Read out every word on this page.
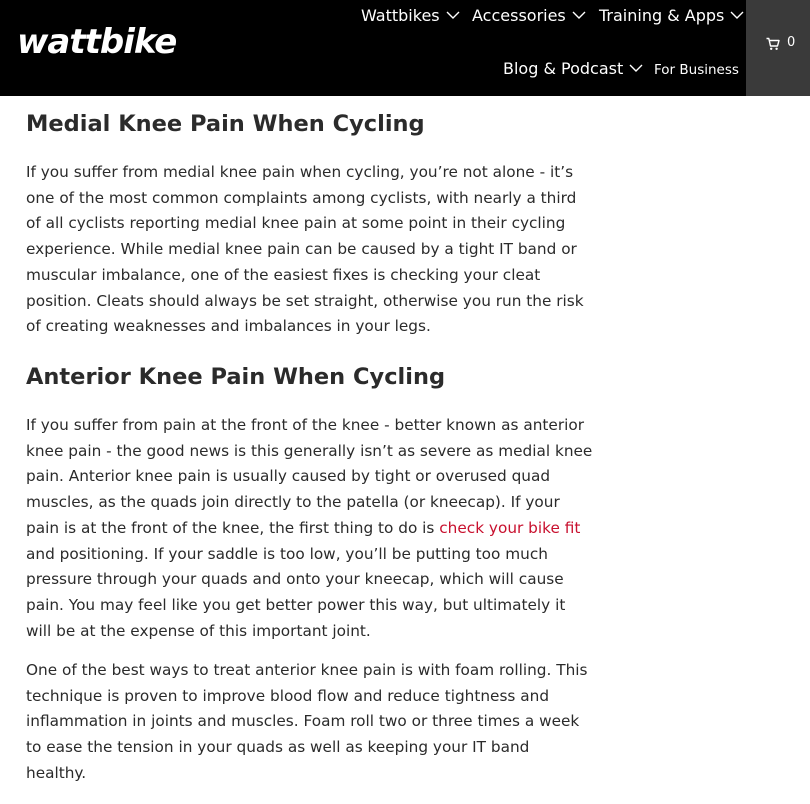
wattbike
Wattbikes	Accessories	Training & Apps
Blog & Podcast	For Business
0
Medial Knee Pain When Cycling

If you suffer from medial knee pain when cycling, you’re not alone - it’s one of the most common complaints among cyclists, with nearly a third of all cyclists reporting medial knee pain at some point in their cycling experience. While medial knee pain can be caused by a tight IT band or muscular imbalance, one of the easiest fixes is checking your cleat position. Cleats should always be set straight, otherwise you run the risk of creating weaknesses and imbalances in your legs.

Anterior Knee Pain When Cycling

If you suffer from pain at the front of the knee - better known as anterior knee pain - the good news is this generally isn’t as severe as medial knee pain. Anterior knee pain is usually caused by tight or overused quad muscles, as the quads join directly to the patella (or kneecap). If your pain is at the front of the knee, the first thing to do is check your bike fit and positioning. If your saddle is too low, you’ll be putting too much pressure through your quads and onto your kneecap, which will cause pain. You may feel like you get better power this way, but ultimately it will be at the expense of this important joint.

One of the best ways to treat anterior knee pain is with foam rolling. This technique is proven to improve blood flow and reduce tightness and inflammation in joints and muscles. Foam roll two or three times a week to ease the tension in your quads as well as keeping your IT band healthy.
